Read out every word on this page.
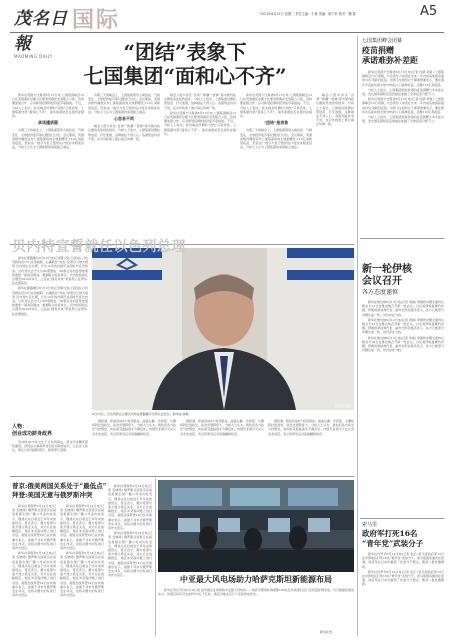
茂名日報
MAOMING DAILY
国际	2021年6月15日 星期二 责任主编：小林 美编：陈子轩 校对：魏 群	A5
“团结”表象下
七国集团“面和心不齐”

新华社英国卡比斯湾6月13日电 七国集团峰会13日在英国康沃尔郡卡比斯湾闭幕并发表联合公报，宣称要加强合作、应对新冠疫情和经济复苏等挑战。不过，分析人士指出，此次峰会所谓的“团结”只是表象，七国集团内部“面和心不齐”，诸多承诺能否兑现仍存疑问。

承诺遭质疑

为期三天的峰会上，七国集团领导人就抗疫、气候变化、全球经济复苏等议题进行讨论。会议期间，英国首相约翰逊宣布七国集团将向全球捐赠至少10亿剂新冠疫苗，然而这一数字与世卫组织估计的需求相差甚远，分析人士认为七国集团的承诺缺乏诚意。

为期三天的峰会上，七国集团领导人就抗疫、气候变化、全球经济复苏等议题进行讨论。会议期间，英国首相约翰逊宣布七国集团将向全球捐赠至少10亿剂新冠疫苗，然而这一数字与世卫组织估计的需求相差甚远，分析人士认为七国集团的承诺缺乏诚意。

心思各不同

峰会公报中涉及“台湾”“新疆”“香港”等中国内政议题的表述招致批评。分析人士指出，七国集团试图拉帮结派、打压他国，这种做法不得人心。各国利益诉求不同，在对外政策上难以真正协调一致。

峰会公报中涉及“台湾”“新疆”“香港”等中国内政议题的表述招致批评。分析人士指出，七国集团试图拉帮结派、打压他国，这种做法不得人心。各国利益诉求不同，在对外政策上难以真正协调一致。

新华社英国卡比斯湾6月13日电 七国集团峰会13日在英国康沃尔郡卡比斯湾闭幕并发表联合公报，宣称要加强合作、应对新冠疫情和经济复苏等挑战。不过，分析人士指出，此次峰会所谓的“团结”只是表象，七国集团内部“面和心不齐”，诸多承诺能否兑现仍存疑问。

新华社英国卡比斯湾6月13日电 七国集团峰会13日在英国康沃尔郡卡比斯湾闭幕并发表联合公报，宣称要加强合作、应对新冠疫情和经济复苏等挑战。不过，分析人士指出，此次峰会所谓的“团结”只是表象，七国集团内部“面和心不齐”，诸多承诺能否兑现仍存疑问。

“团结”是表象

为期三天的峰会上，七国集团领导人就抗疫、气候变化、全球经济复苏等议题进行讨论。会议期间，英国首相约翰逊宣布七国集团将向全球捐赠至少10亿剂新冠疫苗，然而这一数字与世卫组织估计的需求相差甚远，分析人士认为七国集团的承诺缺乏诚意。

峰会公报中涉及“台湾”“新疆”“香港”等中国内政议题的表述招致批评。分析人士指出，七国集团试图拉帮结派、打压他国，这种做法不得人心。各国利益诉求不同，在对外政策上难以真正协调一致。

贝内特宣誓就任以色列总理

新华社耶路撒冷6月13日电(记者陈文仙 吕迎旭) 以色列新政府13日宣誓就职，右翼政党“向右”党领导人纳夫塔利·贝内特出任总理，长达12年的内塔尼亚胡时代宣告结束。以色列议会当天以60票赞成、59票反对的投票结果批准新一届政府组成。根据联合政府协议，贝内特将担任总理至2023年9月，之后由“拥有未来”党领导人亚伊尔·拉皮德接任。

新华社耶路撒冷6月13日电(记者陈文仙 吕迎旭) 以色列新政府13日宣誓就职，右翼政党“向右”党领导人纳夫塔利·贝内特出任总理，长达12年的内塔尼亚胡时代宣告结束。以色列议会当天以60票赞成、59票反对的投票结果批准新一届政府组成。根据联合政府协议，贝内特将担任总理至2023年9月，之后由“拥有未来”党领导人亚伊尔·拉皮德接任。

人物：
创业成功跻身政界

贝内特1972年出生于以色列海法，曾在以军精英部队服役，退役后从事高科技创业并取得成功，之后步入政坛，曾任以色列国防部长、教育部长等职。

新华社/美联
6月13日，以色列新任总理贝内特在耶路撒冷出席议会会议。新华社/美联

据报道，新政府由8个政党组成，涵盖右翼、中间派、左翼和阿拉伯政党，政治光谱跨度大。分析人士认为，新政府各方政见分歧明显，执政前景面临诸多不确定性。内塔尼亚胡当天在议会发表讲话，表示将领导反对派推翻新政府。

据报道，新政府由8个政党组成，涵盖右翼、中间派、左翼和阿拉伯政党，政治光谱跨度大。分析人士认为，新政府各方政见分歧明显，执政前景面临诸多不确定性。内塔尼亚胡当天在议会发表讲话，表示将领导反对派推翻新政府。

据报道，新政府由8个政党组成，涵盖右翼、中间派、左翼和阿拉伯政党，政治光谱跨度大。分析人士认为，新政府各方政见分歧明显，执政前景面临诸多不确定性。内塔尼亚胡当天在议会发表讲话，表示将领导反对派推翻新政府。

普京:俄美两国关系处于“最低点”
拜登:美国无意与俄罗斯冲突

新华社莫斯科6月14日电(记者 安晓萌) 俄罗斯总统普京在接受美国全国广播公司采访时表示，俄美关系目前处于多年来的最低点。普京表示，俄方希望与美方建立稳定关系，双方应在战略稳定、地区冲突等问题上进行对话。美国总统拜登14日在布鲁塞尔表示，美国不寻求与俄罗斯发生冲突，但将对俄方的有害行动作出回应。

新华社莫斯科6月14日电(记者 安晓萌) 俄罗斯总统普京在接受美国全国广播公司采访时表示，俄美关系目前处于多年来的最低点。普京表示，俄方希望与美方建立稳定关系，双方应在战略稳定、地区冲突等问题上进行对话。美国总统拜登14日在布鲁塞尔表示，美国不寻求与俄罗斯发生冲突，但将对俄方的有害行动作出回应。

新华社莫斯科6月14日电(记者 安晓萌) 俄罗斯总统普京在接受美国全国广播公司采访时表示，俄美关系目前处于多年来的最低点。普京表示，俄方希望与美方建立稳定关系，双方应在战略稳定、地区冲突等问题上进行对话。美国总统拜登14日在布鲁塞尔表示，美国不寻求与俄罗斯发生冲突，但将对俄方的有害行动作出回应。

新华社莫斯科6月14日电(记者 安晓萌) 俄罗斯总统普京在接受美国全国广播公司采访时表示，俄美关系目前处于多年来的最低点。普京表示，俄方希望与美方建立稳定关系，双方应在战略稳定、地区冲突等问题上进行对话。美国总统拜登14日在布鲁塞尔表示，美国不寻求与俄罗斯发生冲突，但将对俄方的有害行动作出回应。

新华社莫斯科6月14日电(记者 安晓萌) 俄罗斯总统普京在接受美国全国广播公司采访时表示，俄美关系目前处于多年来的最低点。普京表示，俄方希望与美方建立稳定关系，双方应在战略稳定、地区冲突等问题上进行对话。美国总统拜登14日在布鲁塞尔表示，美国不寻求与俄罗斯发生冲突，但将对俄方的有害行动作出回应。

新华社莫斯科6月14日电(记者 安晓萌) 俄罗斯总统普京在接受美国全国广播公司采访时表示，俄美关系目前处于多年来的最低点。普京表示，俄方希望与美方建立稳定关系，双方应在战略稳定、地区冲突等问题上进行对话。美国总统拜登14日在布鲁塞尔表示，美国不寻求与俄罗斯发生冲突，但将对俄方的有害行动作出回应。	中亚最大风电场助力哈萨克斯坦新能源布局

新华社努尔苏丹6月14日电 由中国企业承建的中亚最大风电场——哈萨克斯坦札纳塔斯100兆瓦风电项目近日全容量并网发电，为当地提供清洁电力。该项目每年可发电约3.5亿千瓦时，满足当地近百万户家庭用电需求。

新华社发
七国集团峰会闭幕
疫苗捐赠
承诺难弥补差距

新华社英国卡比斯湾6月13日电(记者 杜鹃 郭爽) 七国集团峰会13日闭幕，与会领导人承诺在未来一年内向其他国家提供10亿剂新冠疫苗。世界卫生组织总干事谭德塞表示，要在明年年底前实现全球70%的人口接种疫苗，需要110亿剂疫苗。

分析人士指出，七国集团此前承诺的疫苗捐赠大多未能兑现，发达国家囤积疫苗的做法加剧了全球疫苗分配不公。

新华社英国卡比斯湾6月13日电(记者 杜鹃 郭爽) 七国集团峰会13日闭幕，与会领导人承诺在未来一年内向其他国家提供10亿剂新冠疫苗。世界卫生组织总干事谭德塞表示，要在明年年底前实现全球70%的人口接种疫苗，需要110亿剂疫苗。

分析人士指出，七国集团此前承诺的疫苗捐赠大多未能兑现，发达国家囤积疫苗的做法加剧了全球疫苗分配不公。

新一轮伊核
会议召开
各方态度谨慎

新华社维也纳6月12日电(记者 刘晨) 伊朗核问题全面协议相关方12日在维也纳召开新一轮会议，讨论美伊恢复履约问题。伊朗首席谈判代表、副外长阿拉格齐表示，各方已就部分问题达成一致，但仍存在分歧。

新华社维也纳6月12日电(记者 刘晨) 伊朗核问题全面协议相关方12日在维也纳召开新一轮会议，讨论美伊恢复履约问题。伊朗首席谈判代表、副外长阿拉格齐表示，各方已就部分问题达成一致，但仍存在分歧。

新华社维也纳6月12日电(记者 刘晨) 伊朗核问题全面协议相关方12日在维也纳召开新一轮会议，讨论美伊恢复履约问题。伊朗首席谈判代表、副外长阿拉格齐表示，各方已就部分问题达成一致，但仍存在分歧。

索马里
政府军打死16名
“青年党”武装分子

新华社内罗毕6月14日电(记者 金正) 索马里政府军13日在中部地区打死16名“青年党”武装分子。索马里国家通讯社报道，政府军在行动中摧毁了武装分子据点，缴获一批武器弹药。

新华社内罗毕6月14日电(记者 金正) 索马里政府军13日在中部地区打死16名“青年党”武装分子。索马里国家通讯社报道，政府军在行动中摧毁了武装分子据点，缴获一批武器弹药。
